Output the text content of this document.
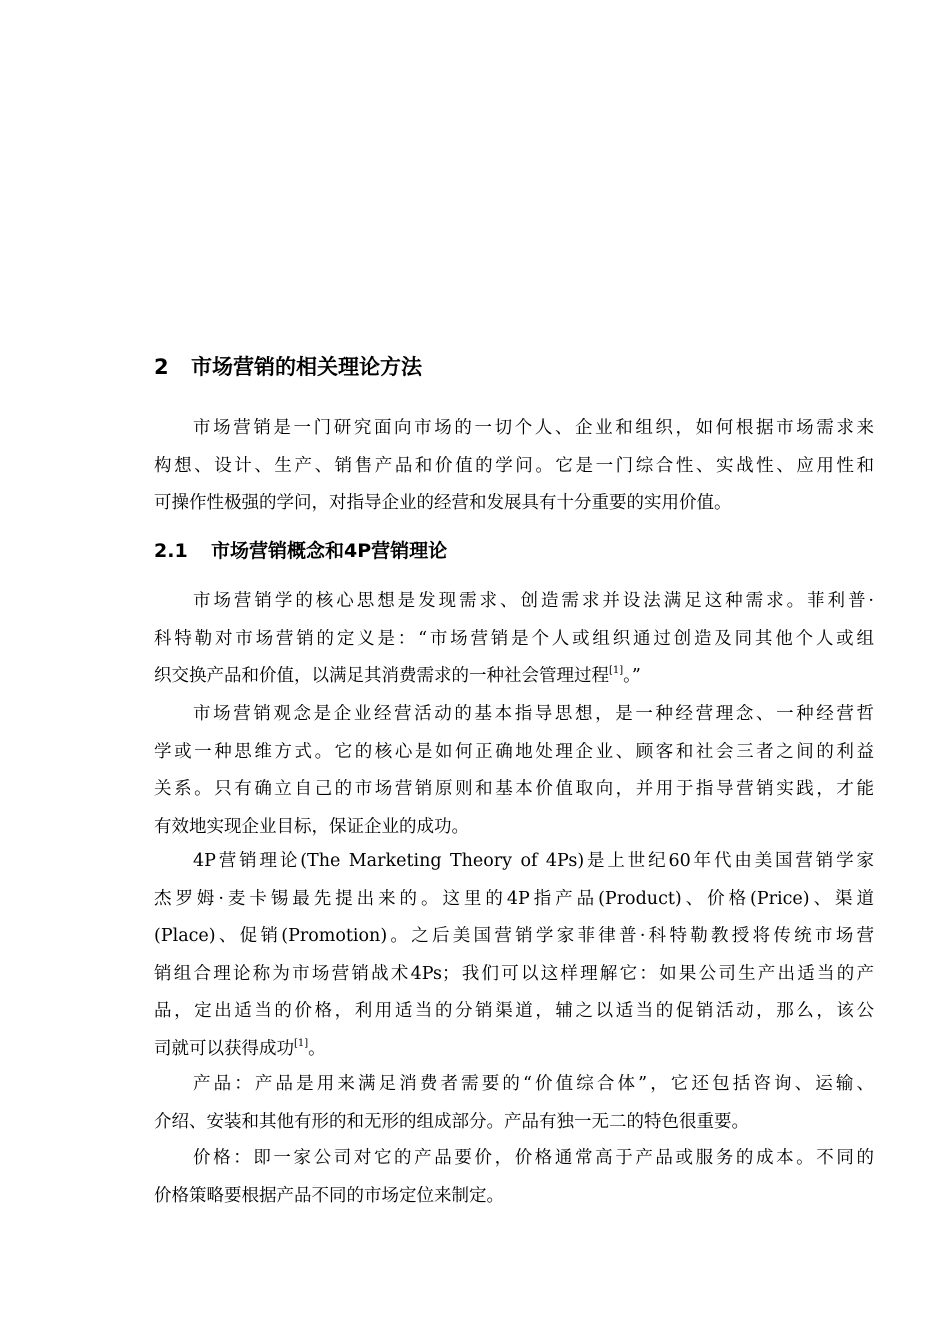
2 市场营销的相关理论方法
市场营销是一门研究面向市场的一切个人、企业和组织，如何根据市场需求来
构想、设计、生产、销售产品和价值的学问。它是一门综合性、实战性、应用性和
可操作性极强的学问，对指导企业的经营和发展具有十分重要的实用价值。
2.1 市场营销概念和4P营销理论
市场营销学的核心思想是发现需求、创造需求并设法满足这种需求。菲利普·
科特勒对市场营销的定义是：“市场营销是个人或组织通过创造及同其他个人或组
织交换产品和价值，以满足其消费需求的一种社会管理过程[1]。”
市场营销观念是企业经营活动的基本指导思想，是一种经营理念、一种经营哲
学或一种思维方式。它的核心是如何正确地处理企业、顾客和社会三者之间的利益
关系。只有确立自己的市场营销原则和基本价值取向，并用于指导营销实践，才能
有效地实现企业目标，保证企业的成功。
4P营销理论(The Marketing Theory of 4Ps)是上世纪60年代由美国营销学家
杰罗姆·麦卡锡最先提出来的。这里的4P指产品(Product)、价格(Price)、渠道
(Place)、促销(Promotion)。之后美国营销学家菲律普·科特勒教授将传统市场营
销组合理论称为市场营销战术4Ps；我们可以这样理解它：如果公司生产出适当的产
品，定出适当的价格，利用适当的分销渠道，辅之以适当的促销活动，那么，该公
司就可以获得成功[1]。
产品：产品是用来满足消费者需要的“价值综合体”，它还包括咨询、运输、
介绍、安装和其他有形的和无形的组成部分。产品有独一无二的特色很重要。
价格：即一家公司对它的产品要价，价格通常高于产品或服务的成本。不同的
价格策略要根据产品不同的市场定位来制定。
